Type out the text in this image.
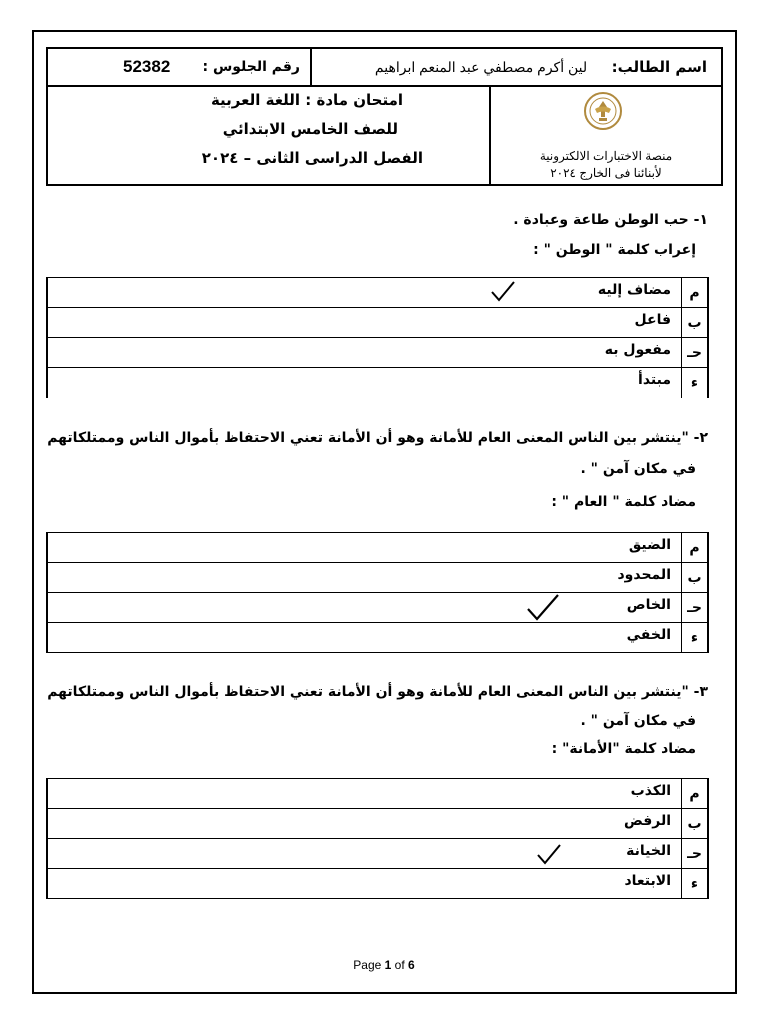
اسم الطالب: لين أكرم مصطفي عبد المنعم ابراهيم
رقم الجلوس :
52382
منصة الاختبارات الالكترونية
لأبنائنا فى الخارج ٢٠٢٤
امتحان مادة : اللغة العربية
للصف الخامس الابتدائي
الفصل الدراسى الثانى – ٢٠٢٤
١- حب الوطن طاعة وعبادة .
إعراب كلمة " الوطن " :
م
مضاف إليه
ب
فاعل
حـ
مفعول به
ء
مبتدأ
٢- "ينتشر بين الناس المعنى العام للأمانة وهو أن الأمانة تعني الاحتفاظ بأموال الناس وممتلكاتهم
في مكان آمن " .
مضاد كلمة " العام " :
م
الضيق
ب
المحدود
حـ
الخاص
ء
الخفي
٣- "ينتشر بين الناس المعنى العام للأمانة وهو أن الأمانة تعني الاحتفاظ بأموال الناس وممتلكاتهم
في مكان آمن " .
مضاد كلمة "الأمانة" :
م
الكذب
ب
الرفض
حـ
الخيانة
ء
الابتعاد
Page 1 of 6
